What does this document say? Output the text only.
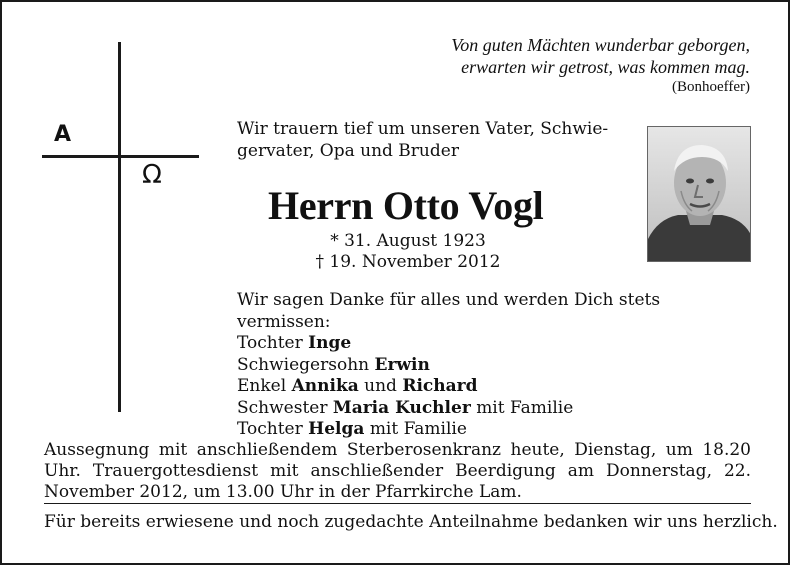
Von guten Mächten wunderbar geborgen,
erwarten wir getrost, was kommen mag.
(Bonhoeffer)
A
Ω
Wir trauern tief um unseren Vater, Schwie-
gervater, Opa und Bruder
Herrn Otto Vogl
* 31. August 1923
† 19. November 2012
Wir sagen Danke für alles und werden Dich stets vermissen:
Tochter Inge
Schwiegersohn Erwin
Enkel Annika und Richard
Schwester Maria Kuchler mit Familie
Tochter Helga mit Familie
Aussegnung mit anschließendem Sterberosenkranz heute, Dienstag, um 18.20 Uhr. Trauergottesdienst mit anschließender Beerdigung am Donnerstag, 22. November 2012, um 13.00 Uhr in der Pfarrkirche Lam.
Für bereits erwiesene und noch zugedachte Anteilnahme bedanken wir uns herzlich.
